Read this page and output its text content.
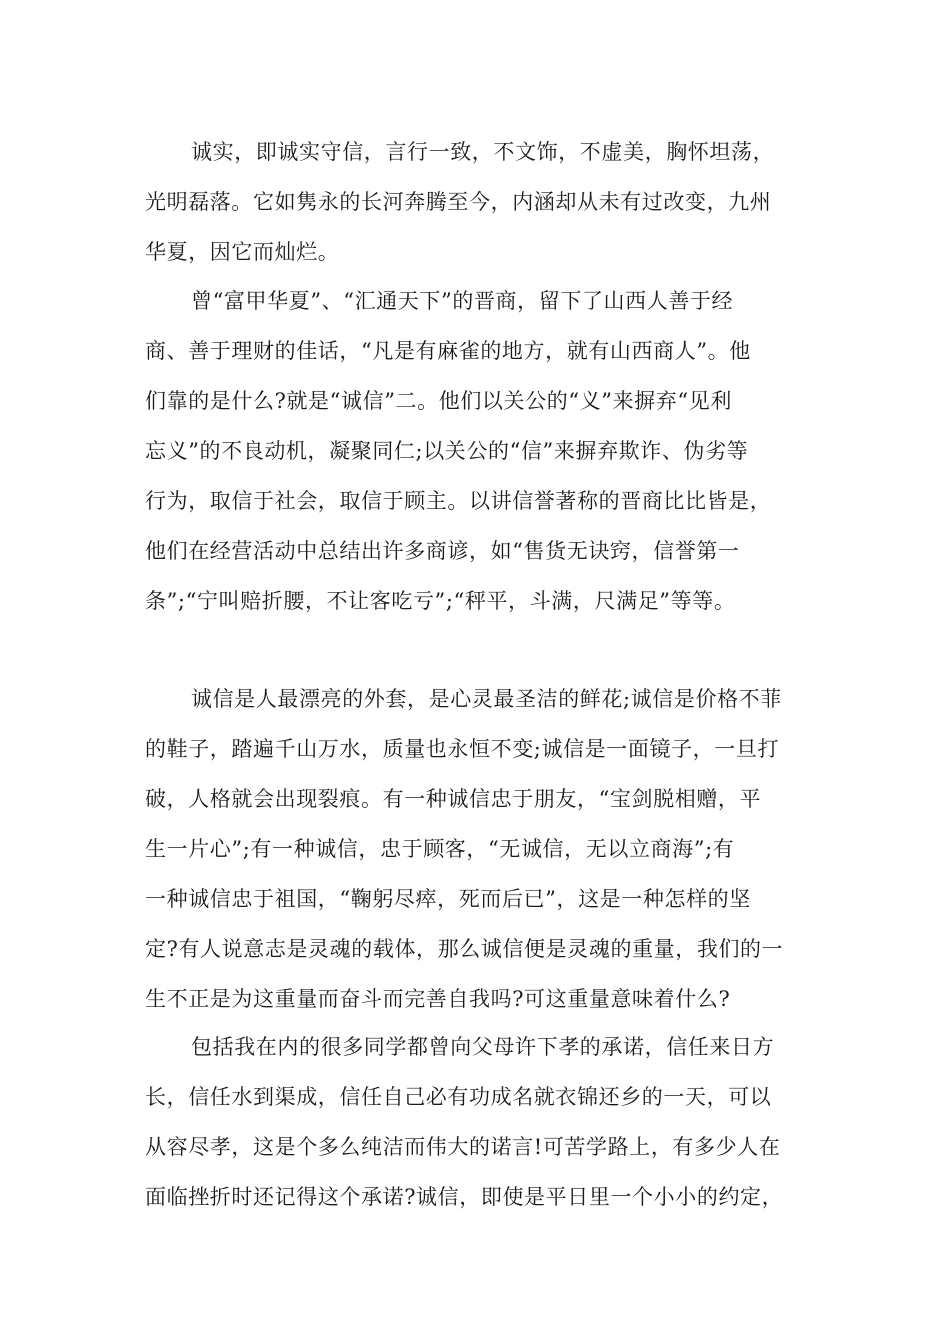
诚实，即诚实守信，言行一致，不文饰，不虚美，胸怀坦荡，
光明磊落。它如隽永的长河奔腾至今，内涵却从未有过改变，九州
华夏，因它而灿烂。

曾“富甲华夏”、“汇通天下”的晋商，留下了山西人善于经
商、善于理财的佳话，“凡是有麻雀的地方，就有山西商人”。他
们靠的是什么?就是“诚信”二。他们以关公的“义”来摒弃“见利
忘义”的不良动机，凝聚同仁;以关公的“信”来摒弃欺诈、伪劣等
行为，取信于社会，取信于顾主。以讲信誉著称的晋商比比皆是，
他们在经营活动中总结出许多商谚，如“售货无诀窍，信誉第一
条”;“宁叫赔折腰，不让客吃亏”;“秤平，斗满，尺满足”等等。

诚信是人最漂亮的外套，是心灵最圣洁的鲜花;诚信是价格不菲
的鞋子，踏遍千山万水，质量也永恒不变;诚信是一面镜子，一旦打
破，人格就会出现裂痕。有一种诚信忠于朋友，“宝剑脱相赠，平
生一片心”;有一种诚信，忠于顾客，“无诚信，无以立商海”;有
一种诚信忠于祖国，“鞠躬尽瘁，死而后已”，这是一种怎样的坚
定?有人说意志是灵魂的载体，那么诚信便是灵魂的重量，我们的一
生不正是为这重量而奋斗而完善自我吗?可这重量意味着什么?

包括我在内的很多同学都曾向父母许下孝的承诺，信任来日方
长，信任水到渠成，信任自己必有功成名就衣锦还乡的一天，可以
从容尽孝，这是个多么纯洁而伟大的诺言!可苦学路上，有多少人在
面临挫折时还记得这个承诺?诚信，即使是平日里一个小小的约定，
